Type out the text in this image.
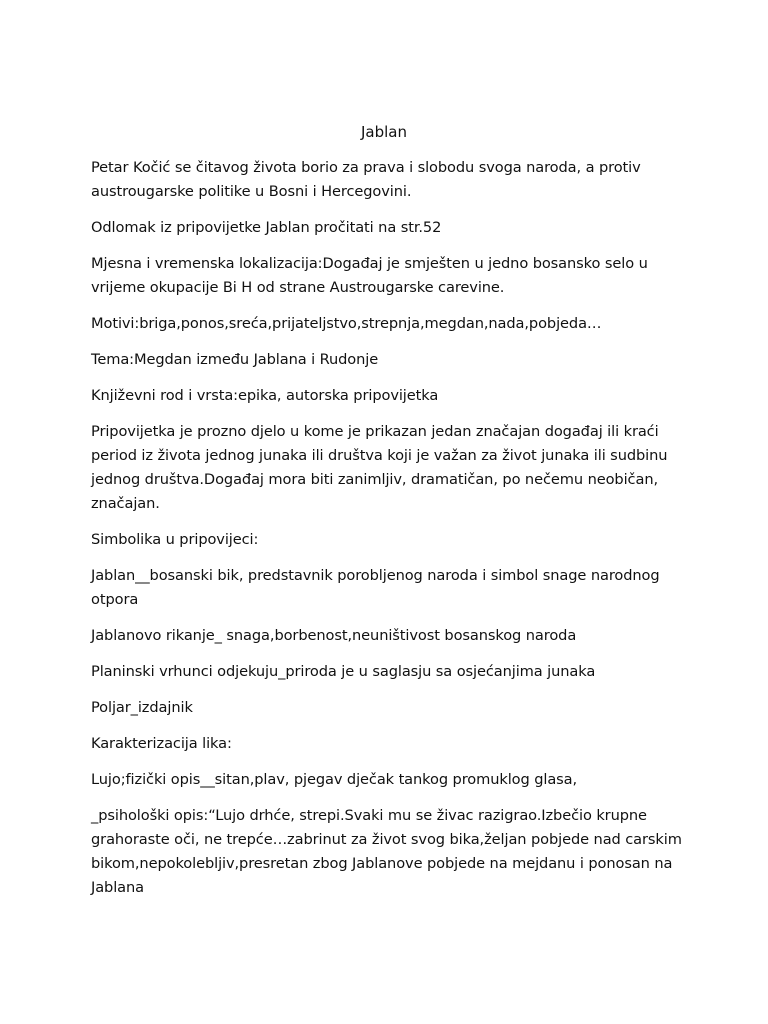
Jablan

Petar Kočić se čitavog života borio za prava i slobodu svoga naroda, a protiv austrougarske politike u Bosni i Hercegovini.

Odlomak iz pripovijetke Jablan pročitati na str.52

Mjesna i vremenska lokalizacija:Događaj je smješten u jedno bosansko selo u vrijeme okupacije Bi H od strane Austrougarske carevine.

Motivi:briga,ponos,sreća,prijateljstvo,strepnja,megdan,nada,pobjeda…

Tema:Megdan između Jablana i Rudonje

Književni rod i vrsta:epika, autorska pripovijetka

Pripovijetka je prozno djelo u kome je prikazan jedan značajan događaj ili kraći period iz života jednog junaka ili društva koji je važan za život junaka ili sudbinu jednog društva.Događaj mora biti zanimljiv, dramatičan, po nečemu neobičan, značajan.

Simbolika u pripovijeci:

Jablan__bosanski bik, predstavnik porobljenog naroda i simbol snage narodnog otpora

Jablanovo rikanje_ snaga,borbenost,neuništivost bosanskog naroda

Planinski vrhunci odjekuju_priroda je u saglasju sa osjećanjima junaka

Poljar_izdajnik

Karakterizacija lika:

Lujo;fizički opis__sitan,plav, pjegav dječak tankog promuklog glasa,

_psihološki opis:“Lujo drhće, strepi.Svaki mu se živac razigrao.Izbečio krupne grahoraste oči, ne trepće…zabrinut za život svog bika,željan pobjede nad carskim bikom,nepokolebljiv,presretan zbog Jablanove pobjede na mejdanu i ponosan na Jablana
